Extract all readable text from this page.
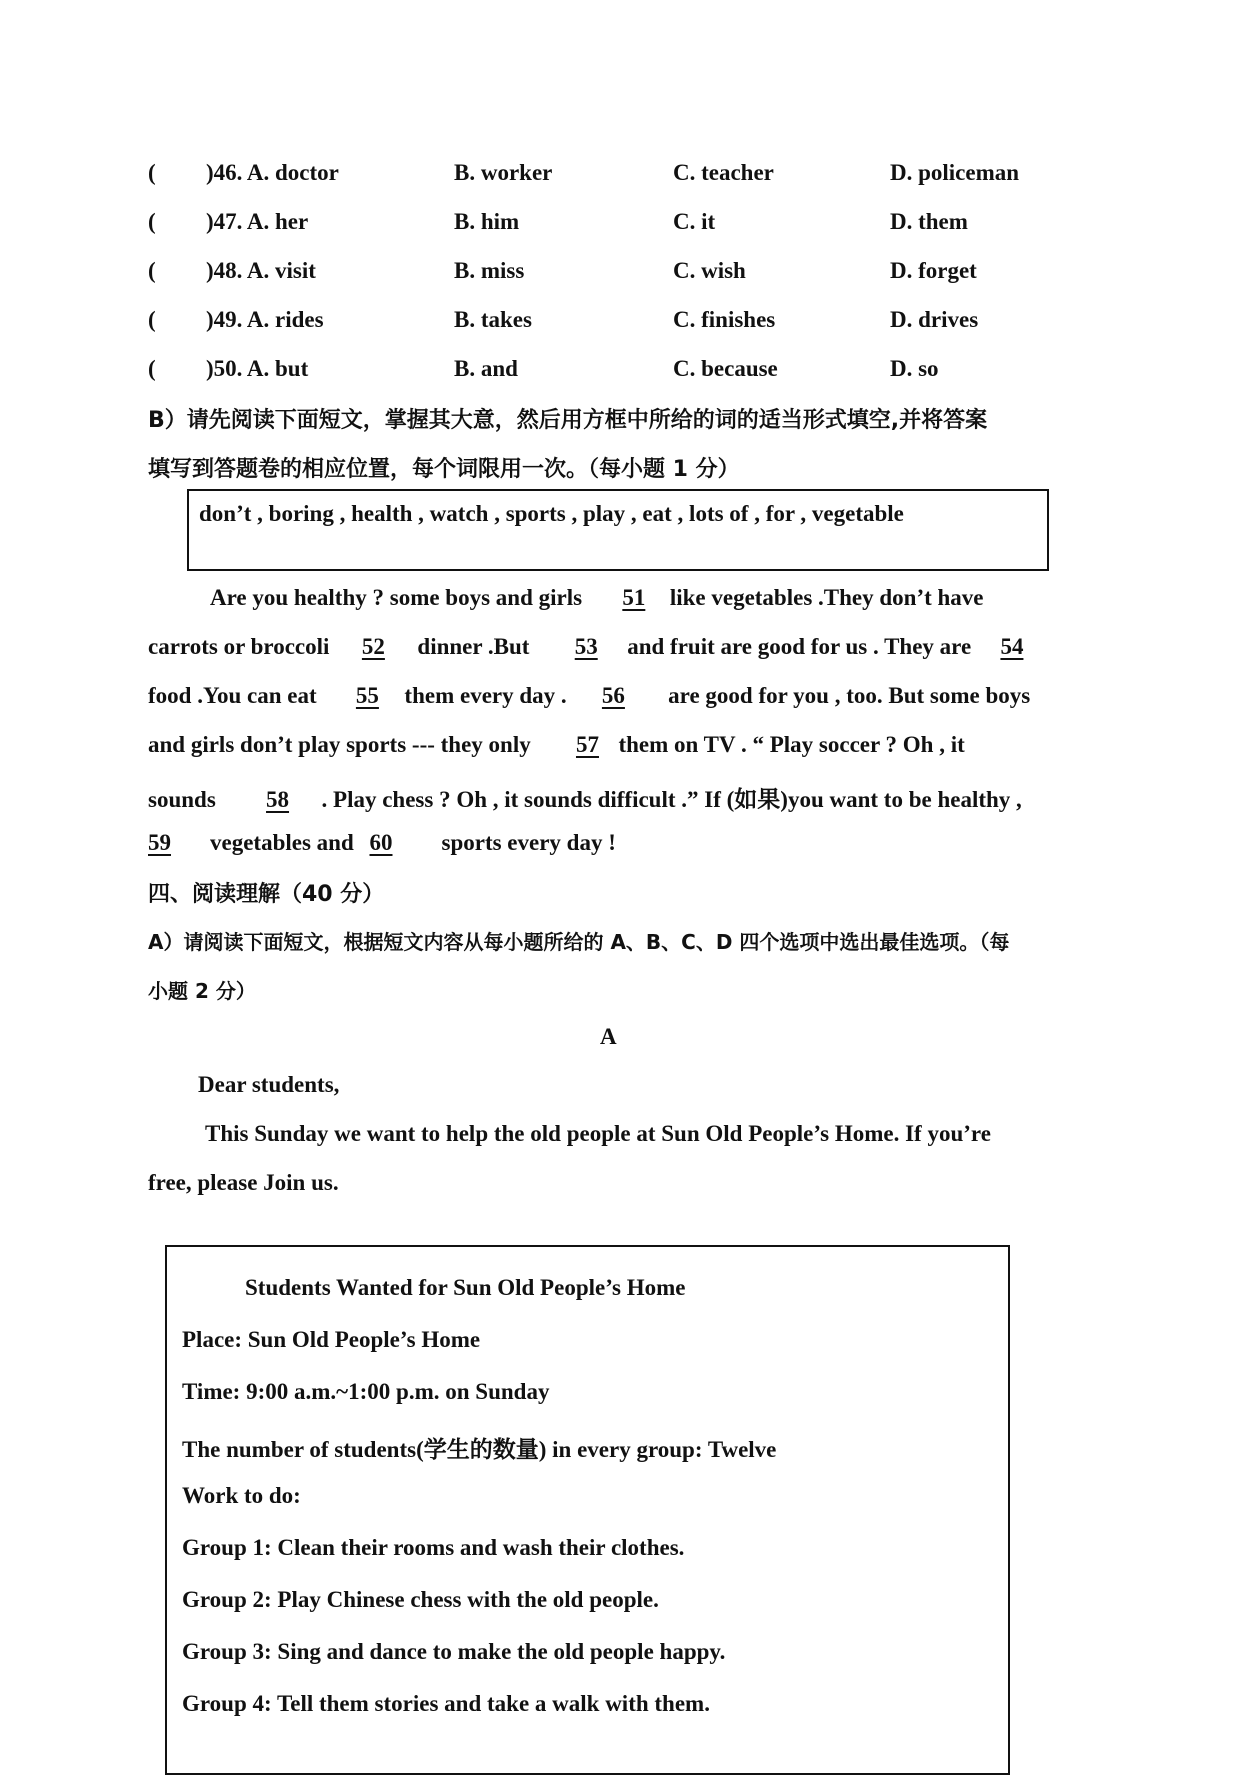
( )46. A. doctor	B. worker	C. teacher	D. policeman
( )47. A. her	B. him	C. it	D. them
( )48. A. visit	B. miss	C. wish	D. forget
( )49. A. rides	B. takes	C. finishes	D. drives
( )50. A. but	B. and	C. because	D. so
B）请先阅读下面短文，掌握其大意，然后用方框中所给的词的适当形式填空,并将答案
填写到答题卷的相应位置，每个词限用一次。（每小题 1 分）
don’t , boring , health , watch , sports , play , eat , lots of , for , vegetable
Are you healthy ? some boys and girls 51 like vegetables .They don’t have
carrots or broccoli 52 dinner .But 53 and fruit are good for us . They are 54
food .You can eat 55 them every day . 56 are good for you , too. But some boys
and girls don’t play sports --- they only 57 them on TV . “ Play soccer ? Oh , it
sounds 58 . Play chess ? Oh , it sounds difficult .” If (如果)you want to be healthy ,
59 vegetables and 60 sports every day !
四、阅读理解（40 分）
A）请阅读下面短文，根据短文内容从每小题所给的 A、B、C、D 四个选项中选出最佳选项。（每
小题 2 分）
A
Dear students,
This Sunday we want to help the old people at Sun Old People’s Home. If you’re
free, please Join us.
Students Wanted for Sun Old People’s Home
Place: Sun Old People’s Home
Time: 9:00 a.m.~1:00 p.m. on Sunday
The number of students(学生的数量) in every group: Twelve
Work to do:
Group 1: Clean their rooms and wash their clothes.
Group 2: Play Chinese chess with the old people.
Group 3: Sing and dance to make the old people happy.
Group 4: Tell them stories and take a walk with them.
